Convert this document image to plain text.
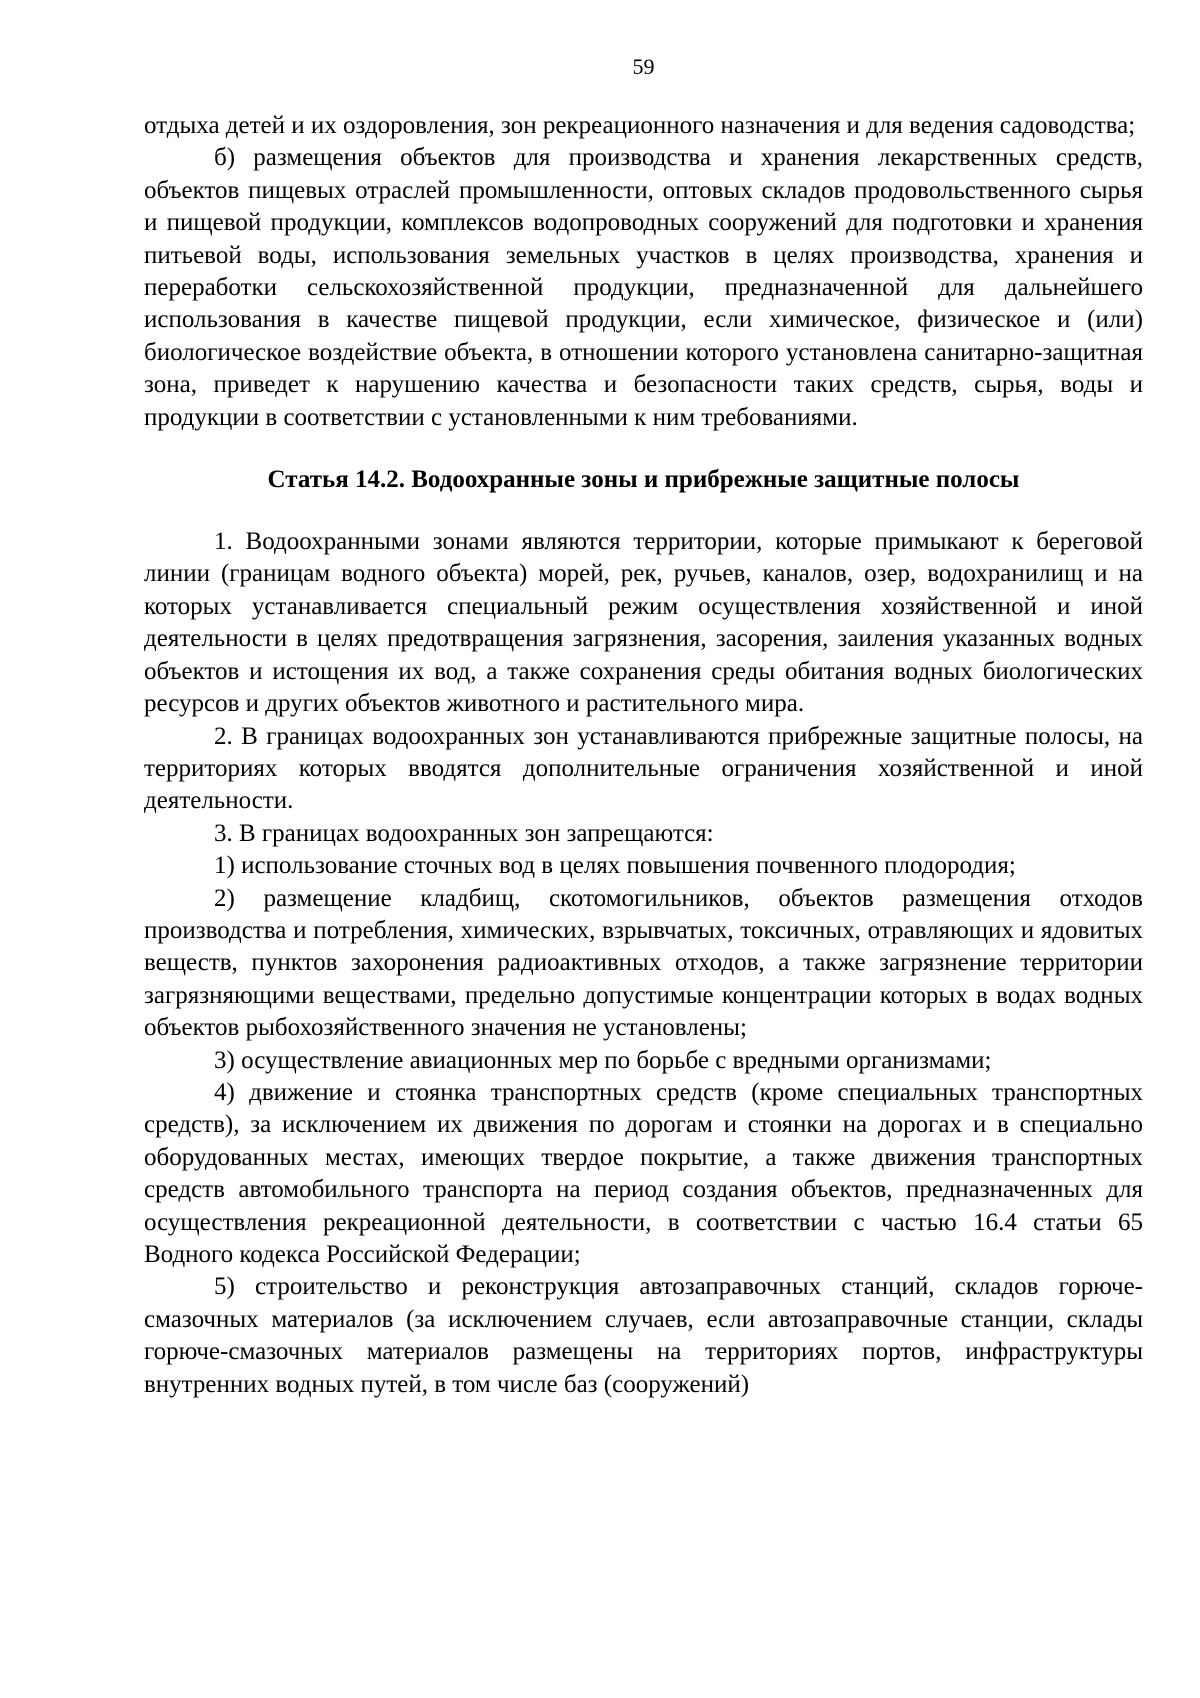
59

отдыха детей и их оздоровления, зон рекреационного назначения и для ведения садоводства;

б) размещения объектов для производства и хранения лекарственных средств, объектов пищевых отраслей промышленности, оптовых складов продовольственного сырья и пищевой продукции, комплексов водопроводных сооружений для подготовки и хранения питьевой воды, использования земельных участков в целях производства, хранения и переработки сельскохозяйственной продукции, предназначенной для дальнейшего использования в качестве пищевой продукции, если химическое, физическое и (или) биологическое воздействие объекта, в отношении которого установлена санитарно-защитная зона, приведет к нарушению качества и безопасности таких средств, сырья, воды и продукции в соответствии с установленными к ним требованиями.

Статья 14.2. Водоохранные зоны и прибрежные защитные полосы

1. Водоохранными зонами являются территории, которые примыкают к береговой линии (границам водного объекта) морей, рек, ручьев, каналов, озер, водохранилищ и на которых устанавливается специальный режим осуществления хозяйственной и иной деятельности в целях предотвращения загрязнения, засорения, заиления указанных водных объектов и истощения их вод, а также сохранения среды обитания водных биологических ресурсов и других объектов животного и растительного мира.

2. В границах водоохранных зон устанавливаются прибрежные защитные полосы, на территориях которых вводятся дополнительные ограничения хозяйственной и иной деятельности.

3. В границах водоохранных зон запрещаются:

1) использование сточных вод в целях повышения почвенного плодородия;

2) размещение кладбищ, скотомогильников, объектов размещения отходов производства и потребления, химических, взрывчатых, токсичных, отравляющих и ядовитых веществ, пунктов захоронения радиоактивных отходов, а также загрязнение территории загрязняющими веществами, предельно допустимые концентрации которых в водах водных объектов рыбохозяйственного значения не установлены;

3) осуществление авиационных мер по борьбе с вредными организмами;

4) движение и стоянка транспортных средств (кроме специальных транспортных средств), за исключением их движения по дорогам и стоянки на дорогах и в специально оборудованных местах, имеющих твердое покрытие, а также движения транспортных средств автомобильного транспорта на период создания объектов, предназначенных для осуществления рекреационной деятельности, в соответствии с частью 16.4 статьи 65 Водного кодекса Российской Федерации;

5) строительство и реконструкция автозаправочных станций, складов горюче-смазочных материалов (за исключением случаев, если автозаправочные станции, склады горюче-смазочных материалов размещены на территориях портов, инфраструктуры внутренних водных путей, в том числе баз (сооружений)
